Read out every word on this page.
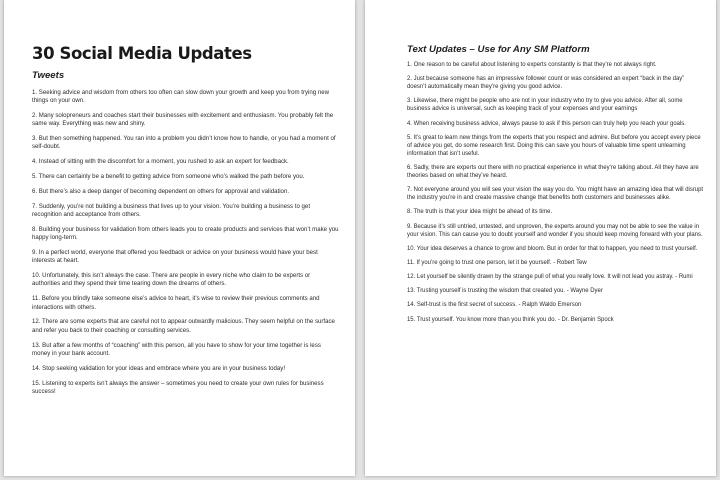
30 Social Media Updates
Tweets
1. Seeking advice and wisdom from others too often can slow down your growth and keep you from trying new things on your own.
2. Many solopreneurs and coaches start their businesses with excitement and enthusiasm. You probably felt the same way. Everything was new and shiny.
3. But then something happened. You ran into a problem you didn’t know how to handle, or you had a moment of self-doubt.
4. Instead of sitting with the discomfort for a moment, you rushed to ask an expert for feedback.
5. There can certainly be a benefit to getting advice from someone who’s walked the path before you.
6. But there’s also a deep danger of becoming dependent on others for approval and validation.
7. Suddenly, you’re not building a business that lives up to your vision. You’re building a business to get recognition and acceptance from others.
8. Building your business for validation from others leads you to create products and services that won’t make you happy long-term.
9. In a perfect world, everyone that offered you feedback or advice on your business would have your best interests at heart.
10. Unfortunately, this isn’t always the case. There are people in every niche who claim to be experts or authorities and they spend their time tearing down the dreams of others.
11. Before you blindly take someone else’s advice to heart, it’s wise to review their previous comments and interactions with others.
12. There are some experts that are careful not to appear outwardly malicious. They seem helpful on the surface and refer you back to their coaching or consulting services.
13. But after a few months of “coaching” with this person, all you have to show for your time together is less money in your bank account.
14. Stop seeking validation for your ideas and embrace where you are in your business today!
15. Listening to experts isn’t always the answer – sometimes you need to create your own rules for business success!
Text Updates – Use for Any SM Platform
1. One reason to be careful about listening to experts constantly is that they’re not always right.
2. Just because someone has an impressive follower count or was considered an expert “back in the day” doesn’t automatically mean they’re giving you good advice.
3. Likewise, there might be people who are not in your industry who try to give you advice. After all, some business advice is universal, such as keeping track of your expenses and your earnings
4. When receiving business advice, always pause to ask if this person can truly help you reach your goals.
5. It’s great to learn new things from the experts that you respect and admire. But before you accept every piece of advice you get, do some research first. Doing this can save you hours of valuable time spent unlearning information that isn’t useful.
6. Sadly, there are experts out there with no practical experience in what they’re talking about. All they have are theories based on what they’ve heard.
7. Not everyone around you will see your vision the way you do. You might have an amazing idea that will disrupt the industry you’re in and create massive change that benefits both customers and businesses alike.
8. The truth is that your idea might be ahead of its time.
9. Because it’s still untried, untested, and unproven, the experts around you may not be able to see the value in your vision. This can cause you to doubt yourself and wonder if you should keep moving forward with your plans.
10. Your idea deserves a chance to grow and bloom. But in order for that to happen, you need to trust yourself.
11. If you’re going to trust one person, let it be yourself. - Robert Tew
12. Let yourself be silently drawn by the strange pull of what you really love. It will not lead you astray. - Rumi
13. Trusting yourself is trusting the wisdom that created you. - Wayne Dyer
14. Self-trust is the first secret of success. - Ralph Waldo Emerson
15. Trust yourself. You know more than you think you do. - Dr. Benjamin Spock
